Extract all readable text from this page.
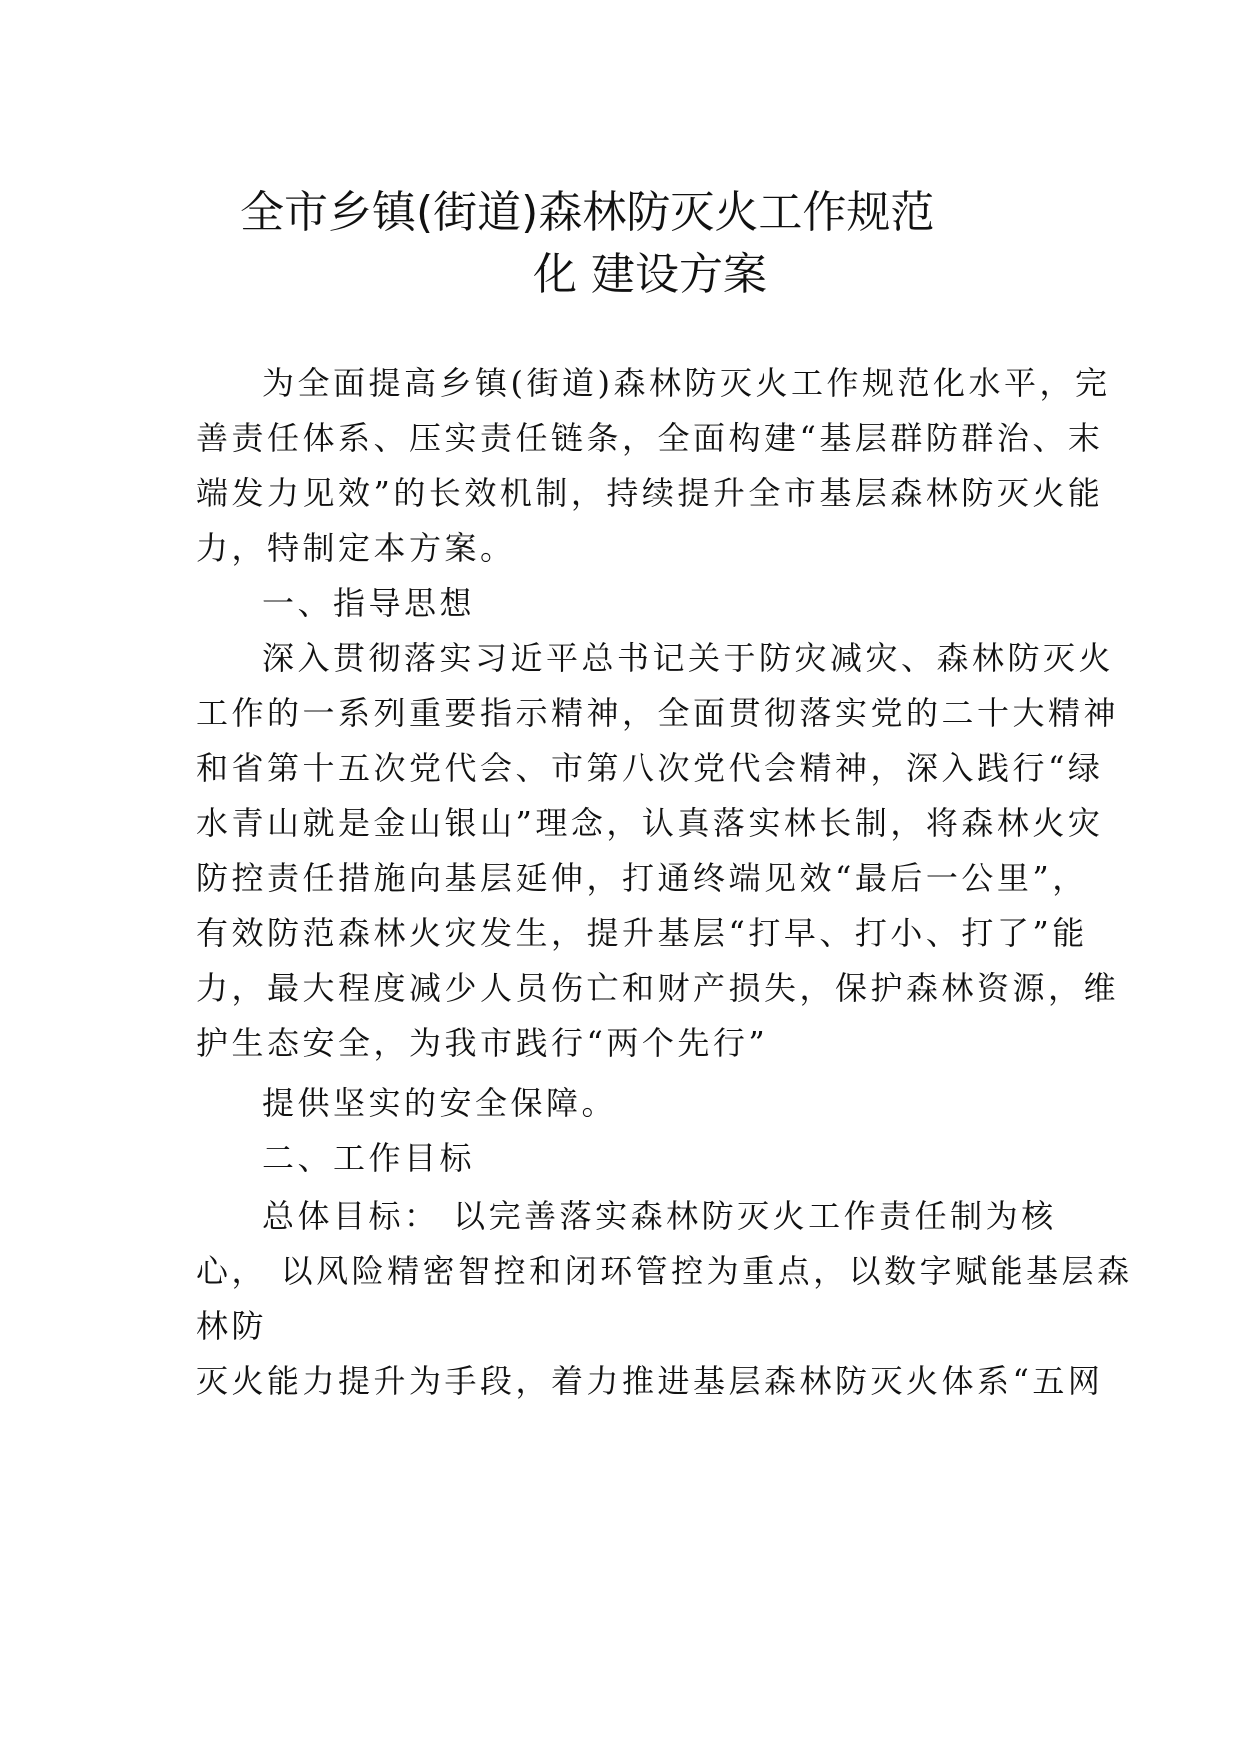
全市乡镇(街道)森林防灭火工作规范
化 建设方案
为全面提高乡镇(街道)森林防灭火工作规范化水平，完
善责任体系、压实责任链条，全面构建“基层群防群治、末
端发力见效”的长效机制，持续提升全市基层森林防灭火能
力，特制定本方案。
一、指导思想
深入贯彻落实习近平总书记关于防灾减灾、森林防灭火
工作的一系列重要指示精神，全面贯彻落实党的二十大精神
和省第十五次党代会、市第八次党代会精神，深入践行“绿
水青山就是金山银山”理念，认真落实林长制，将森林火灾
防控责任措施向基层延伸，打通终端见效“最后一公里”，
有效防范森林火灾发生，提升基层“打早、打小、打了”能
力，最大程度减少人员伤亡和财产损失，保护森林资源，维
护生态安全，为我市践行“两个先行”
提供坚实的安全保障。
二、工作目标
总体目标： 以完善落实森林防灭火工作责任制为核
心， 以风险精密智控和闭环管控为重点，以数字赋能基层森
林防
灭火能力提升为手段，着力推进基层森林防灭火体系“五网
